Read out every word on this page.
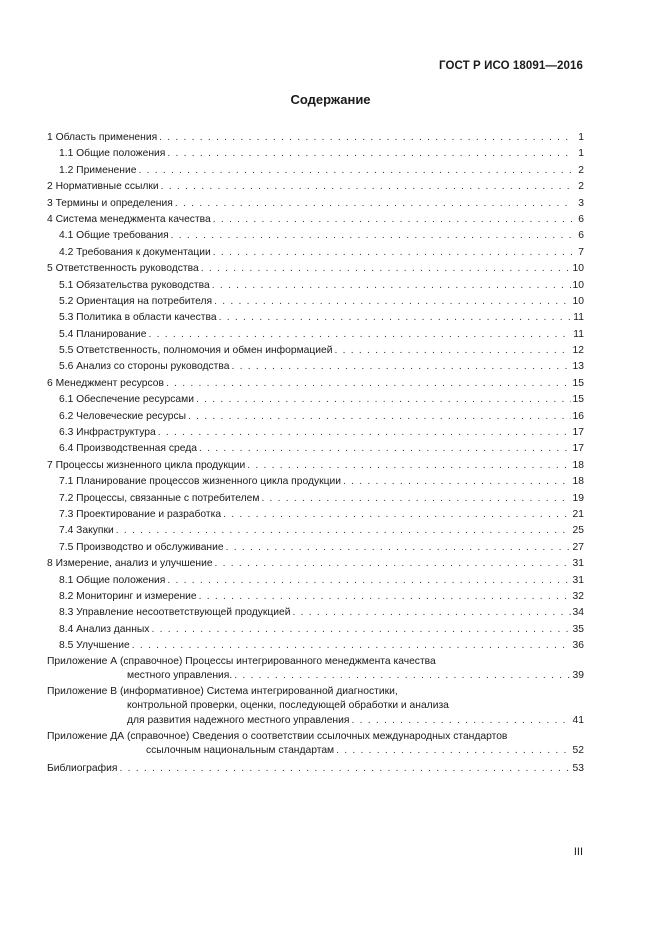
ГОСТ Р ИСО 18091—2016
Содержание
1 Область применения . . .	1
1.1 Общие положения . . .	1
1.2 Применение . . .	2
2 Нормативные ссылки . . .	2
3 Термины и определения . . .	3
4 Система менеджмента качества . . .	6
4.1 Общие требования . . .	6
4.2 Требования к документации . . .	7
5 Ответственность руководства . . .	10
5.1 Обязательства руководства . . .	10
5.2 Ориентация на потребителя . . .	10
5.3 Политика в области качества . . .	11
5.4 Планирование . . .	11
5.5 Ответственность, полномочия и обмен информацией . . .	12
5.6 Анализ со стороны руководства . . .	13
6 Менеджмент ресурсов . . .	15
6.1 Обеспечение ресурсами . . .	15
6.2 Человеческие ресурсы . . .	16
6.3 Инфраструктура . . .	17
6.4 Производственная среда . . .	17
7 Процессы жизненного цикла продукции . . .	18
7.1 Планирование процессов жизненного цикла продукции . . .	18
7.2 Процессы, связанные с потребителем . . .	19
7.3 Проектирование и разработка . . .	21
7.4 Закупки . . .	25
7.5 Производство и обслуживание . . .	27
8 Измерение, анализ и улучшение . . .	31
8.1 Общие положения . . .	31
8.2 Мониторинг и измерение . . .	32
8.3 Управление несоответствующей продукцией . . .	34
8.4 Анализ данных . . .	35
8.5 Улучшение . . .	36
Приложение А (справочное) Процессы интегрированного менеджмента качества
местного управления. . . .	39
Приложение В (информативное) Система интегрированной диагностики,
контрольной проверки, оценки, последующей обработки и анализа
для развития надежного местного управления . . .	41
Приложение ДА (справочное) Сведения о соответствии ссылочных международных стандартов
ссылочным национальным стандартам . . .	52
Библиография . . .	53
III
